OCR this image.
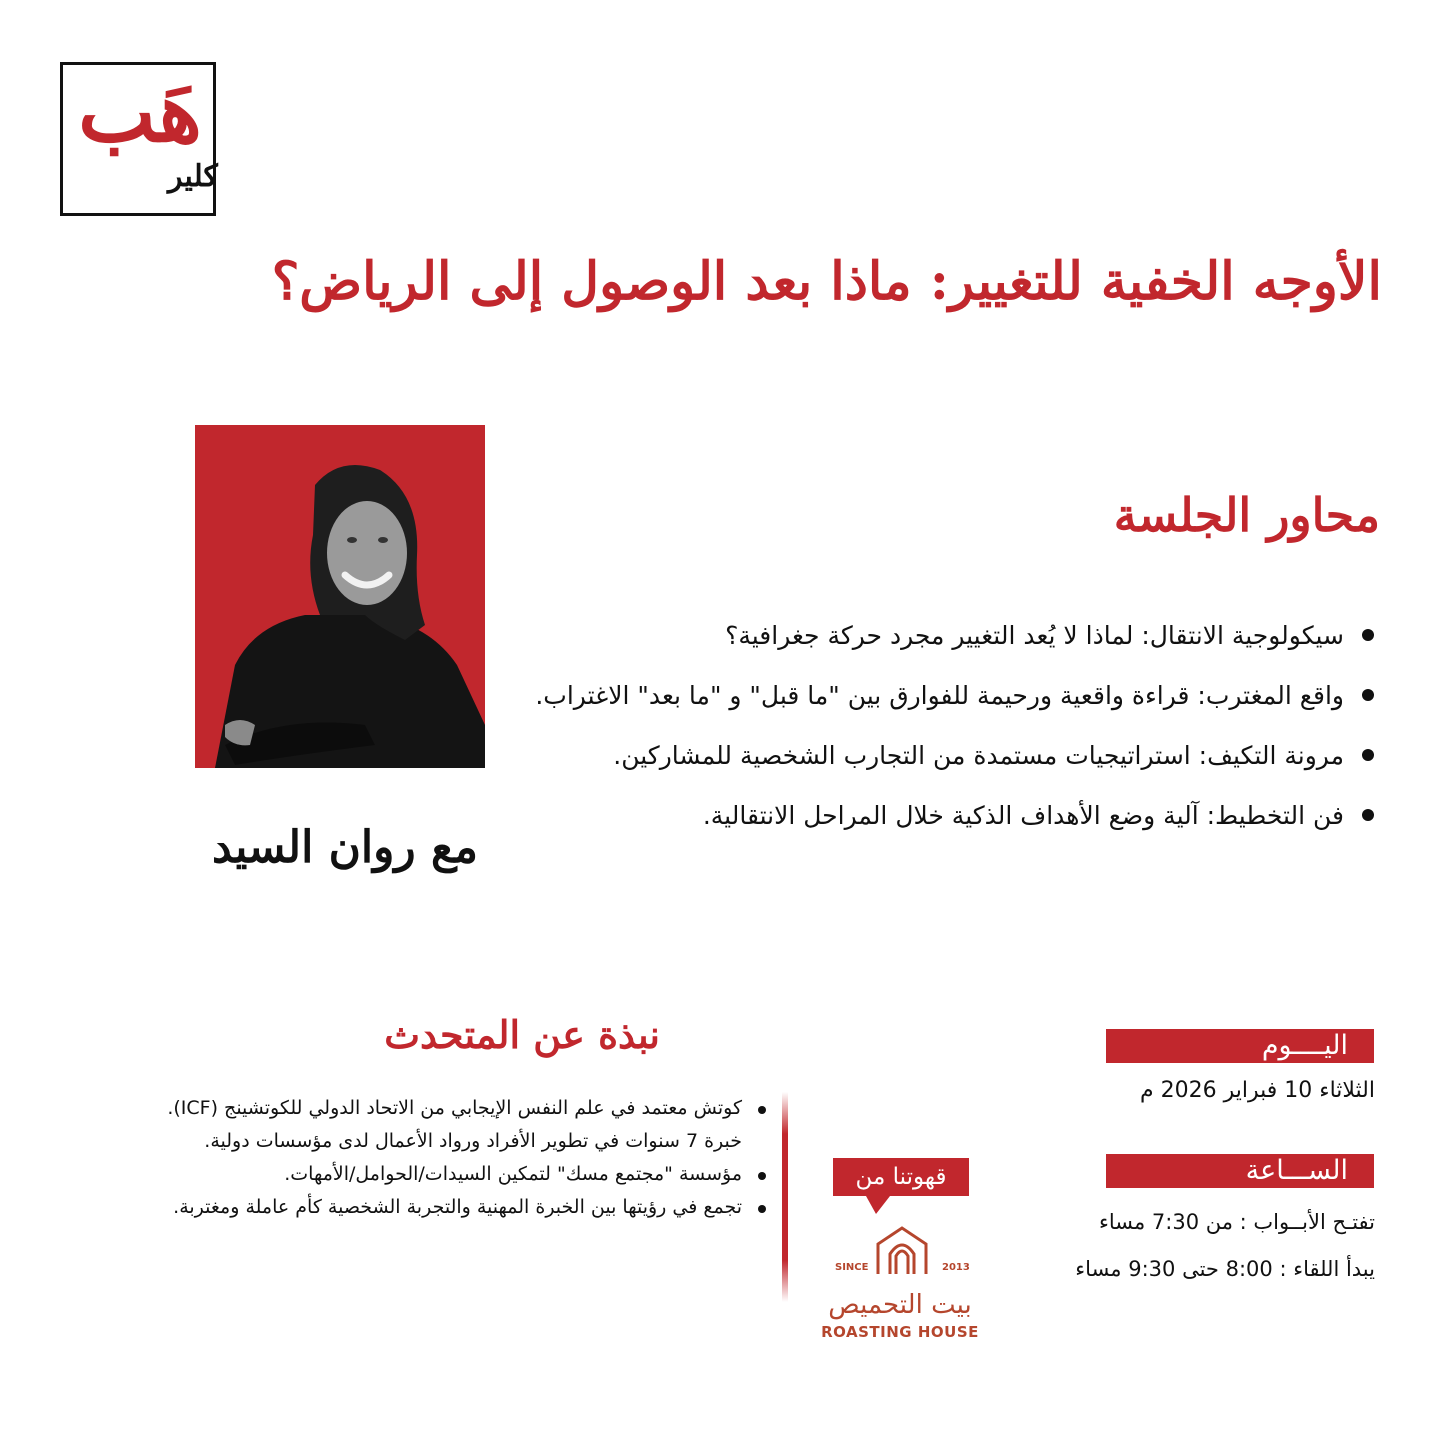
هَب
كلير
الأوجه الخفية للتغيير: ماذا بعد الوصول إلى الرياض؟
مع روان السيد
محاور الجلسة
سيكولوجية الانتقال: لماذا لا يُعد التغيير مجرد حركة جغرافية؟
واقع المغترب: قراءة واقعية ورحيمة للفوارق بين "ما قبل" و "ما بعد" الاغتراب.
مرونة التكيف: استراتيجيات مستمدة من التجارب الشخصية للمشاركين.
فن التخطيط: آلية وضع الأهداف الذكية خلال المراحل الانتقالية.
نبذة عن المتحدث
كوتش معتمد في علم النفس الإيجابي من الاتحاد الدولي للكوتشينج (ICF).
خبرة 7 سنوات في تطوير الأفراد ورواد الأعمال لدى مؤسسات دولية.
مؤسسة "مجتمع مسك" لتمكين السيدات/الحوامل/الأمهات.
تجمع في رؤيتها بين الخبرة المهنية والتجربة الشخصية كأم عاملة ومغتربة.
قهوتنا من
SINCE	2013
بيت التحميص
ROASTING HOUSE
اليــــوم
الثلاثاء 10 فبراير 2026 م
الســـاعة
تفتـح الأبــواب : من 7:30 مساء
يبدأ اللقاء : 8:00 حتى 9:30 مساء
